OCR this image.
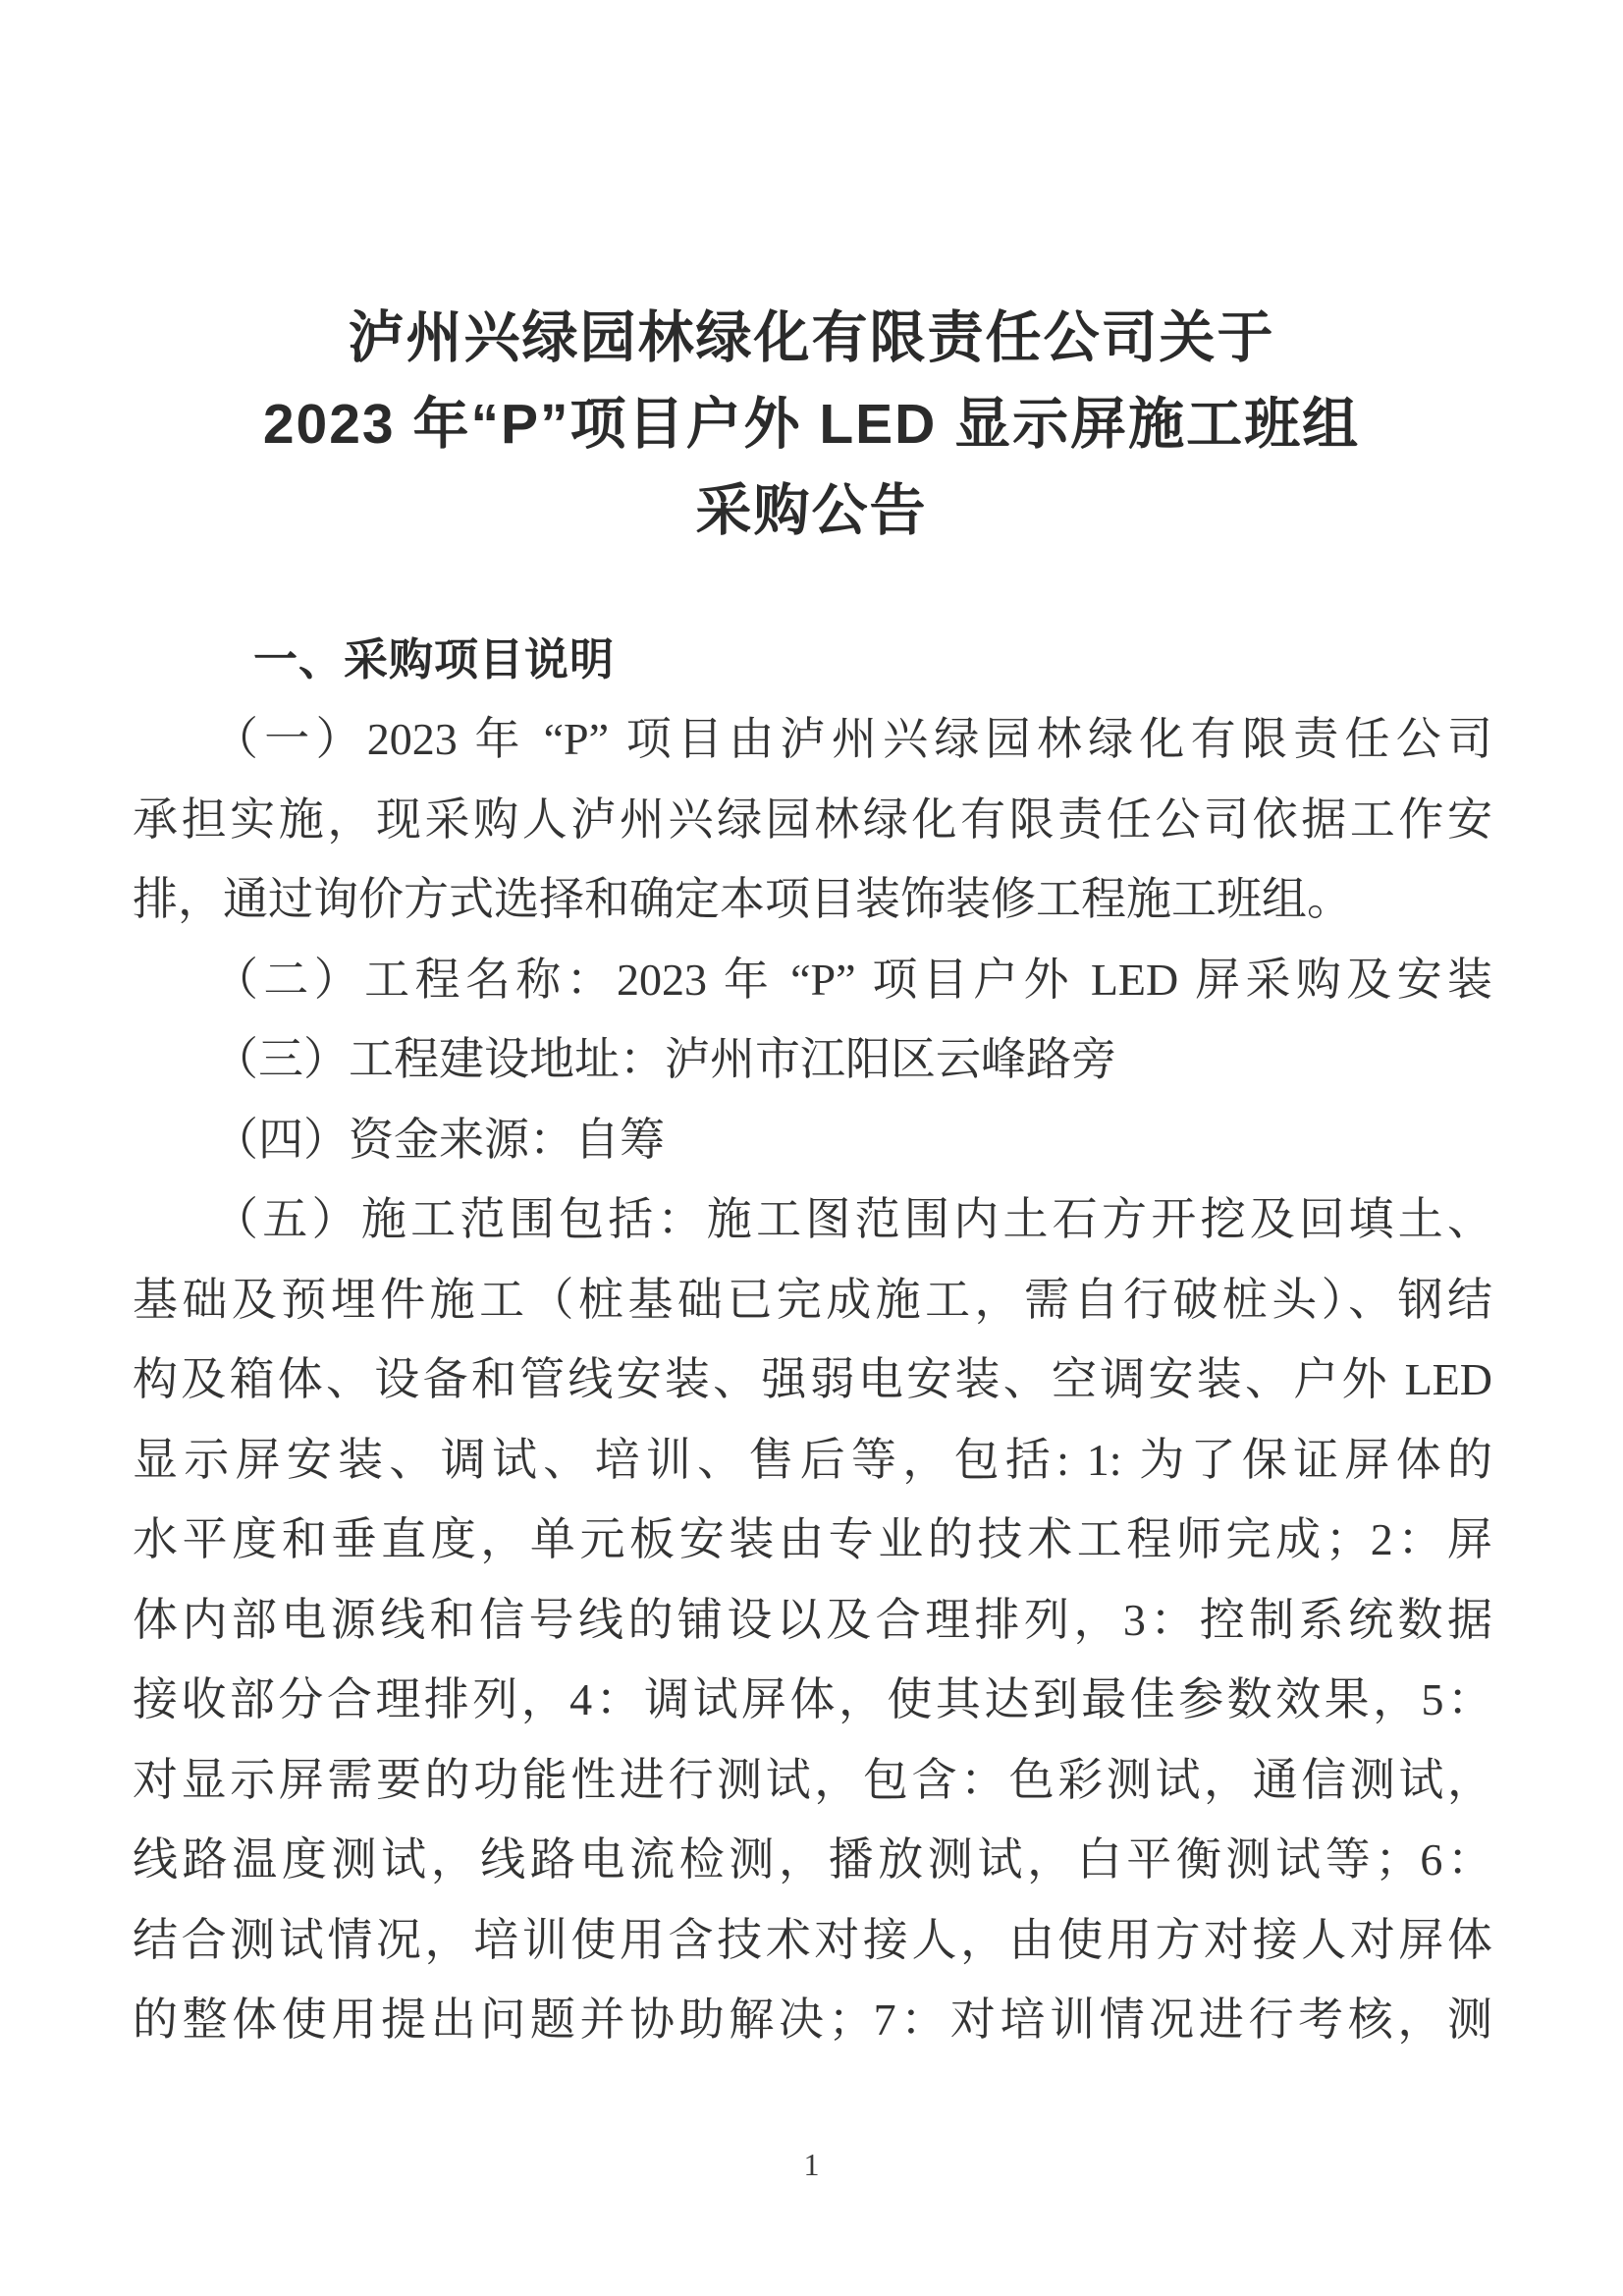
泸州兴绿园林绿化有限责任公司关于
2023 年“P”项目户外 LED 显示屏施工班组
采购公告
一、采购项目说明
（一）2023 年 “P” 项目由泸州兴绿园林绿化有限责任公司
承担实施，现采购人泸州兴绿园林绿化有限责任公司依据工作安
排，通过询价方式选择和确定本项目装饰装修工程施工班组。
（二）工程名称：2023 年 “P” 项目户外 LED 屏采购及安装
（三）工程建设地址：泸州市江阳区云峰路旁
（四）资金来源：自筹
（五）施工范围包括：施工图范围内土石方开挖及回填土、
基础及预埋件施工（桩基础已完成施工，需自行破桩头）、钢结
构及箱体、设备和管线安装、强弱电安装、空调安装、户外 LED
显示屏安装、调试、培训、售后等，包括: 1: 为了保证屏体的
水平度和垂直度，单元板安装由专业的技术工程师完成；2：屏
体内部电源线和信号线的铺设以及合理排列，3：控制系统数据
接收部分合理排列，4：调试屏体，使其达到最佳参数效果，5：
对显示屏需要的功能性进行测试，包含：色彩测试，通信测试，
线路温度测试，线路电流检测，播放测试，白平衡测试等；6：
结合测试情况，培训使用含技术对接人，由使用方对接人对屏体
的整体使用提出问题并协助解决；7：对培训情况进行考核，测
1
